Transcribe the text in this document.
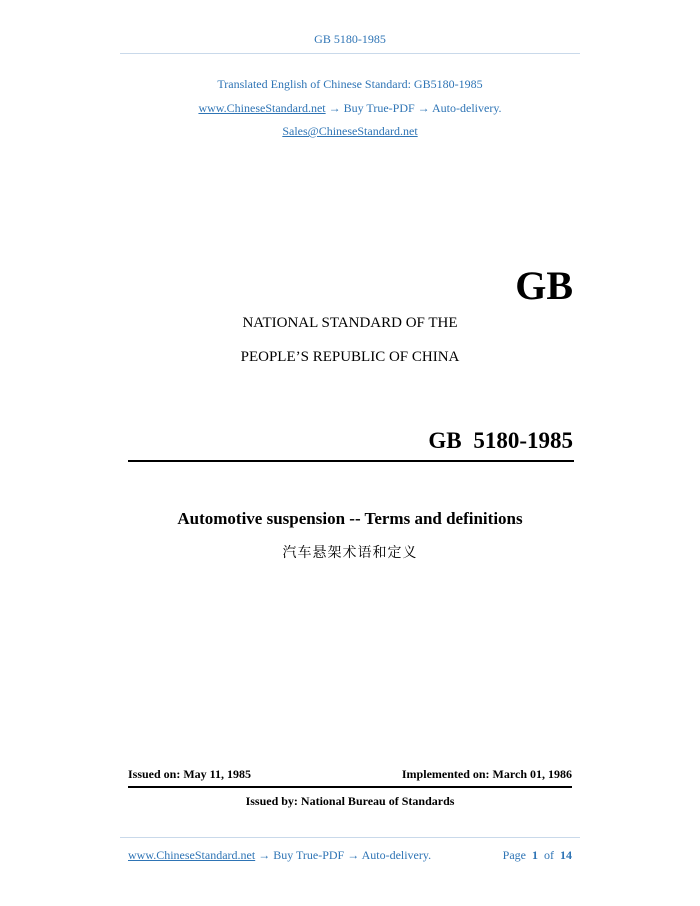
GB 5180-1985
Translated English of Chinese Standard: GB5180-1985
www.ChineseStandard.net → Buy True-PDF → Auto-delivery.
Sales@ChineseStandard.net
GB
NATIONAL STANDARD OF THE
PEOPLE’S REPUBLIC OF CHINA
GB 5180-1985
Automotive suspension -- Terms and definitions
汽车悬架术语和定义
Issued on: May 11, 1985	Implemented on: March 01, 1986
Issued by: National Bureau of Standards
www.ChineseStandard.net → Buy True-PDF → Auto-delivery.	Page 1 of 14
